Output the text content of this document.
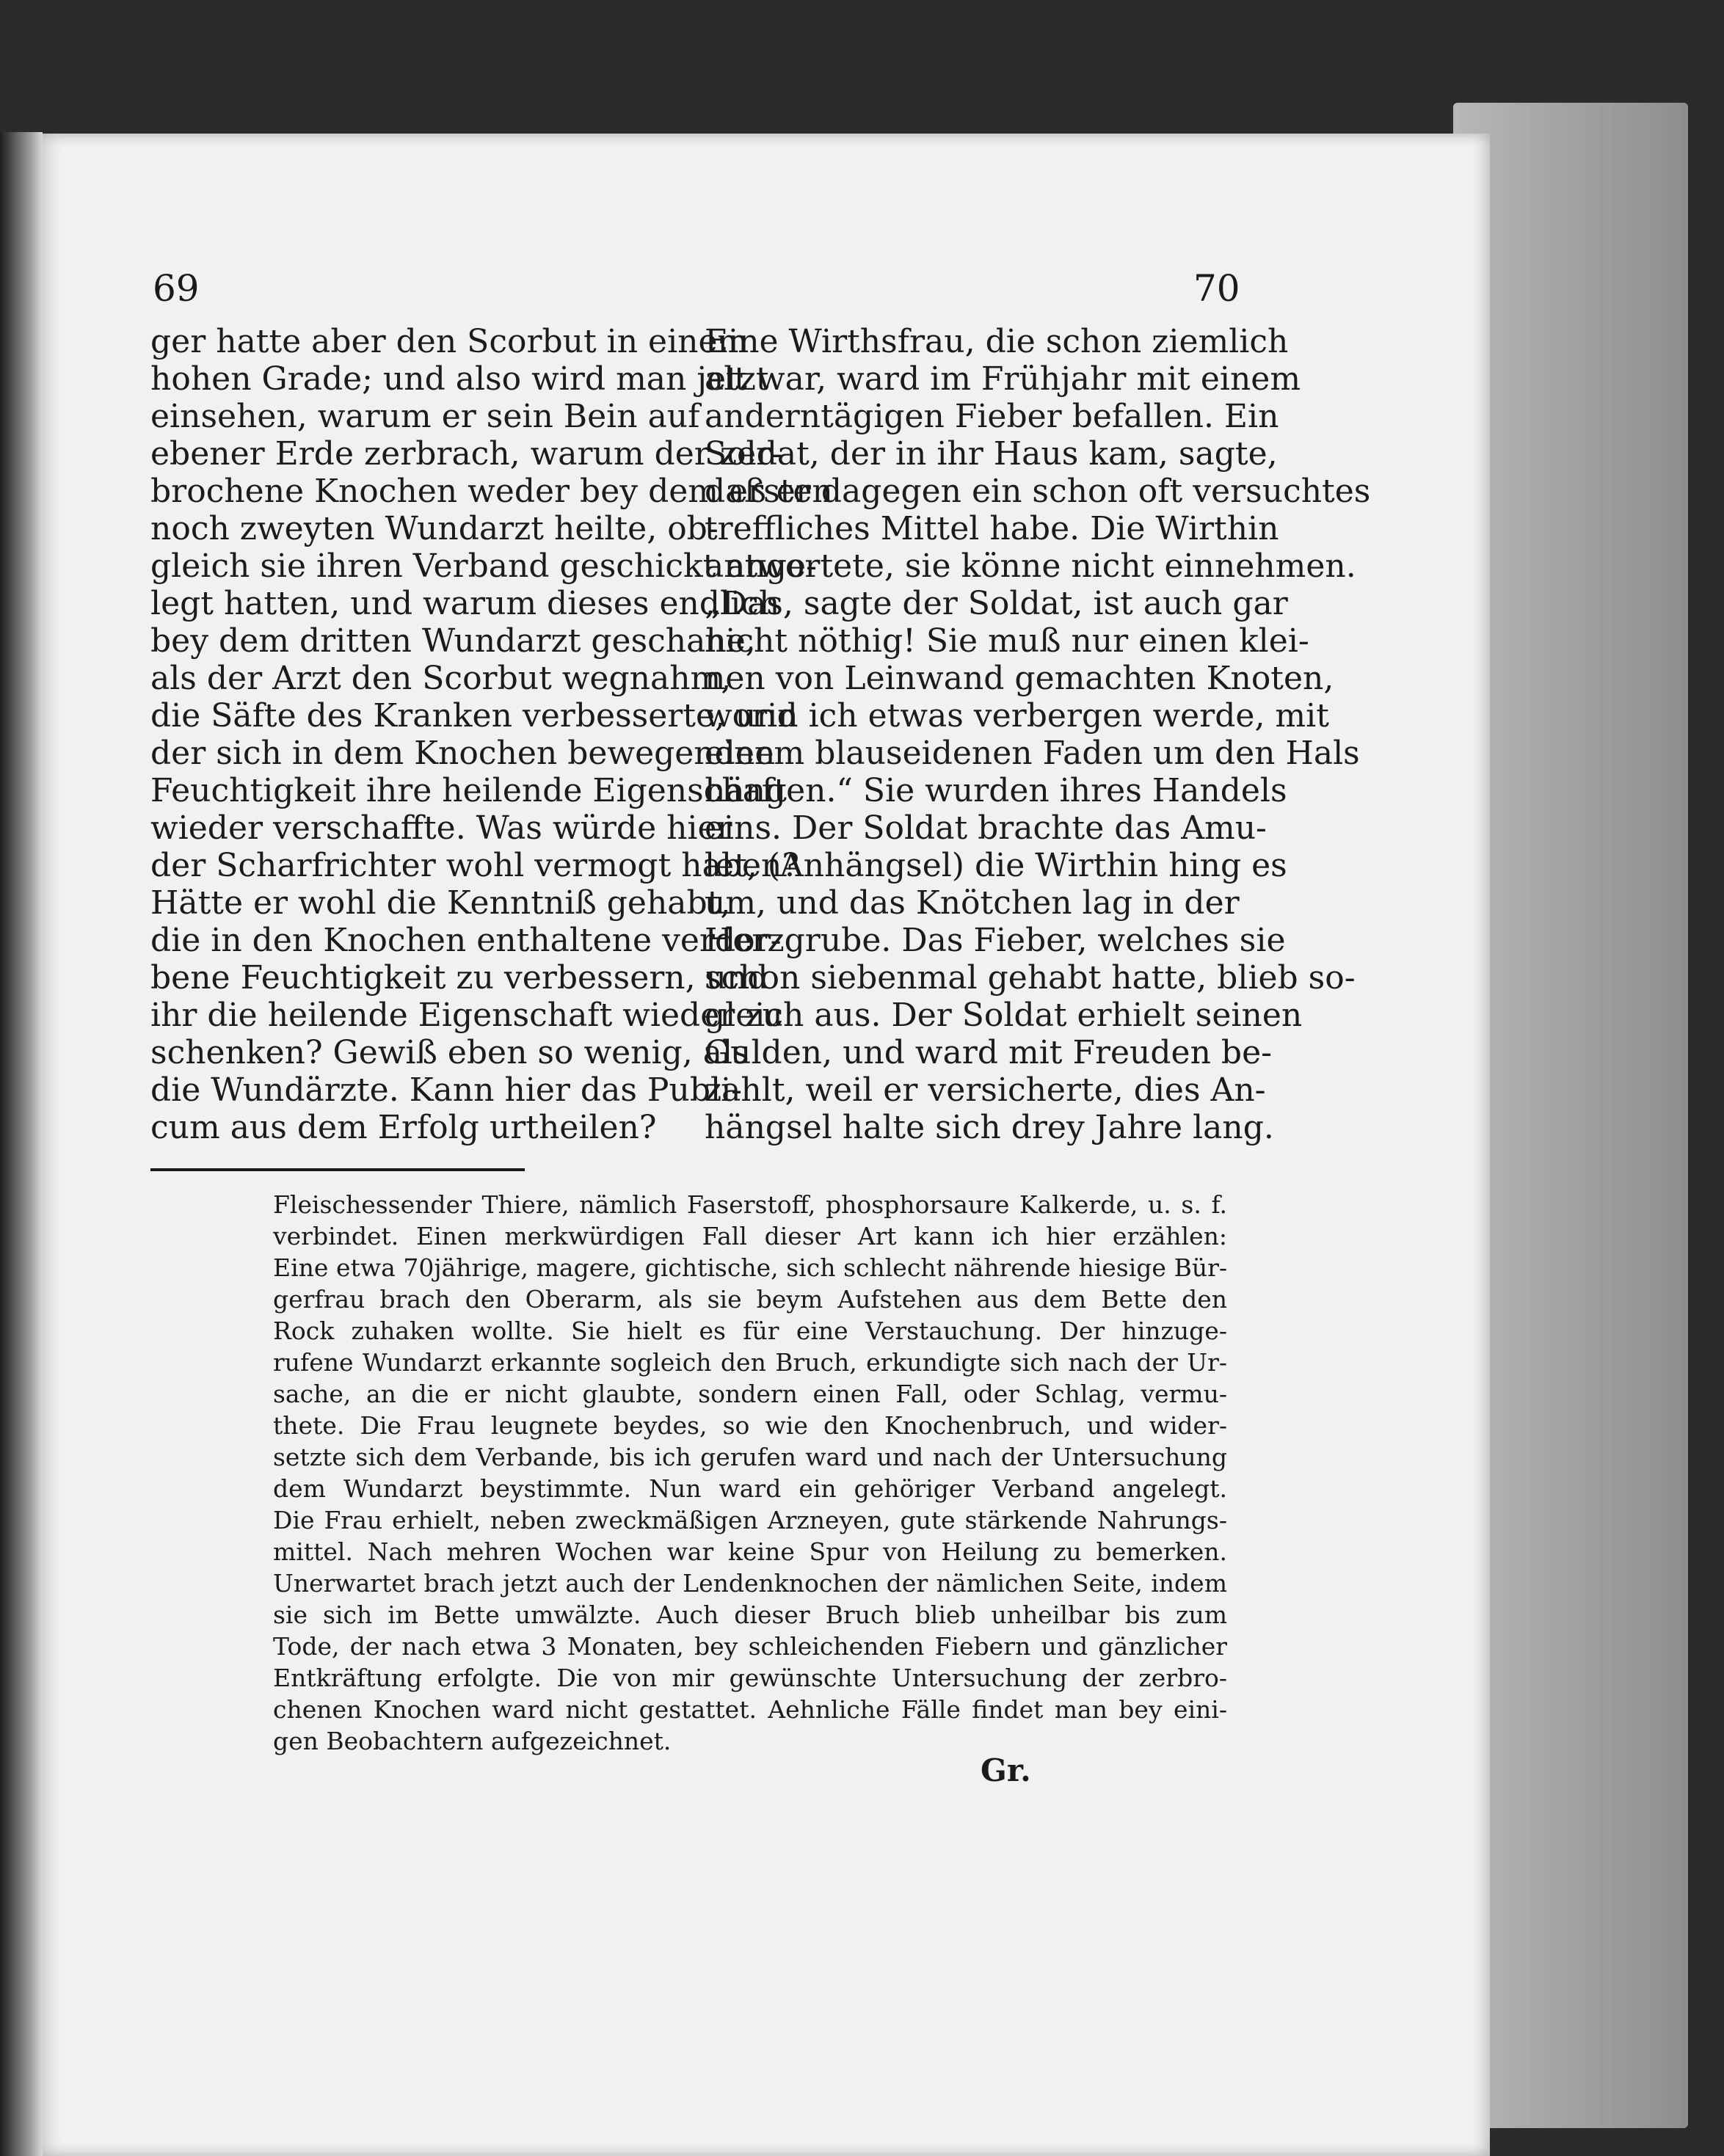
69	70
ger hatte aber den Scorbut in einem
hohen Grade; und also wird man jetzt
einsehen, warum er sein Bein auf
ebener Erde zerbrach, warum der zer-
brochene Knochen weder bey dem ersten
noch zweyten Wundarzt heilte, ob-
gleich sie ihren Verband geschickt ange-
legt hatten, und warum dieses endlich
bey dem dritten Wundarzt geschahe,
als der Arzt den Scorbut wegnahm,
die Säfte des Kranken verbesserte, und
der sich in dem Knochen bewegenden
Feuchtigkeit ihre heilende Eigenschaft
wieder verschaffte. Was würde hier
der Scharfrichter wohl vermogt haben?
Hätte er wohl die Kenntniß gehabt,
die in den Knochen enthaltene verdor-
bene Feuchtigkeit zu verbessern, und
ihr die heilende Eigenschaft wieder zu
schenken? Gewiß eben so wenig, als
die Wundärzte. Kann hier das Publi-
cum aus dem Erfolg urtheilen?
Eine Wirthsfrau, die schon ziemlich
alt war, ward im Frühjahr mit einem
anderntägigen Fieber befallen. Ein
Soldat, der in ihr Haus kam, sagte,
daß er dagegen ein schon oft versuchtes
treffliches Mittel habe. Die Wirthin
antwortete, sie könne nicht einnehmen.
„Das, sagte der Soldat, ist auch gar
nicht nöthig! Sie muß nur einen klei-
nen von Leinwand gemachten Knoten,
worin ich etwas verbergen werde, mit
einem blauseidenen Faden um den Hals
hängen.“ Sie wurden ihres Handels
eins. Der Soldat brachte das Amu-
let, (Anhängsel) die Wirthin hing es
um, und das Knötchen lag in der
Herzgrube. Das Fieber, welches sie
schon siebenmal gehabt hatte, blieb so-
gleich aus. Der Soldat erhielt seinen
Gulden, und ward mit Freuden be-
zahlt, weil er versicherte, dies An-
hängsel halte sich drey Jahre lang.
Fleischessender Thiere, nämlich Faserstoff, phosphorsaure Kalkerde, u. s. f.
verbindet. Einen merkwürdigen Fall dieser Art kann ich hier erzählen:
Eine etwa 70jährige, magere, gichtische, sich schlecht nährende hiesige Bür-
gerfrau brach den Oberarm, als sie beym Aufstehen aus dem Bette den
Rock zuhaken wollte. Sie hielt es für eine Verstauchung. Der hinzuge-
rufene Wundarzt erkannte sogleich den Bruch, erkundigte sich nach der Ur-
sache, an die er nicht glaubte, sondern einen Fall, oder Schlag, vermu-
thete. Die Frau leugnete beydes, so wie den Knochenbruch, und wider-
setzte sich dem Verbande, bis ich gerufen ward und nach der Untersuchung
dem Wundarzt beystimmte. Nun ward ein gehöriger Verband angelegt.
Die Frau erhielt, neben zweckmäßigen Arzneyen, gute stärkende Nahrungs-
mittel. Nach mehren Wochen war keine Spur von Heilung zu bemerken.
Unerwartet brach jetzt auch der Lendenknochen der nämlichen Seite, indem
sie sich im Bette umwälzte. Auch dieser Bruch blieb unheilbar bis zum
Tode, der nach etwa 3 Monaten, bey schleichenden Fiebern und gänzlicher
Entkräftung erfolgte. Die von mir gewünschte Untersuchung der zerbro-
chenen Knochen ward nicht gestattet. Aehnliche Fälle findet man bey eini-
gen Beobachtern aufgezeichnet.
Gr.
